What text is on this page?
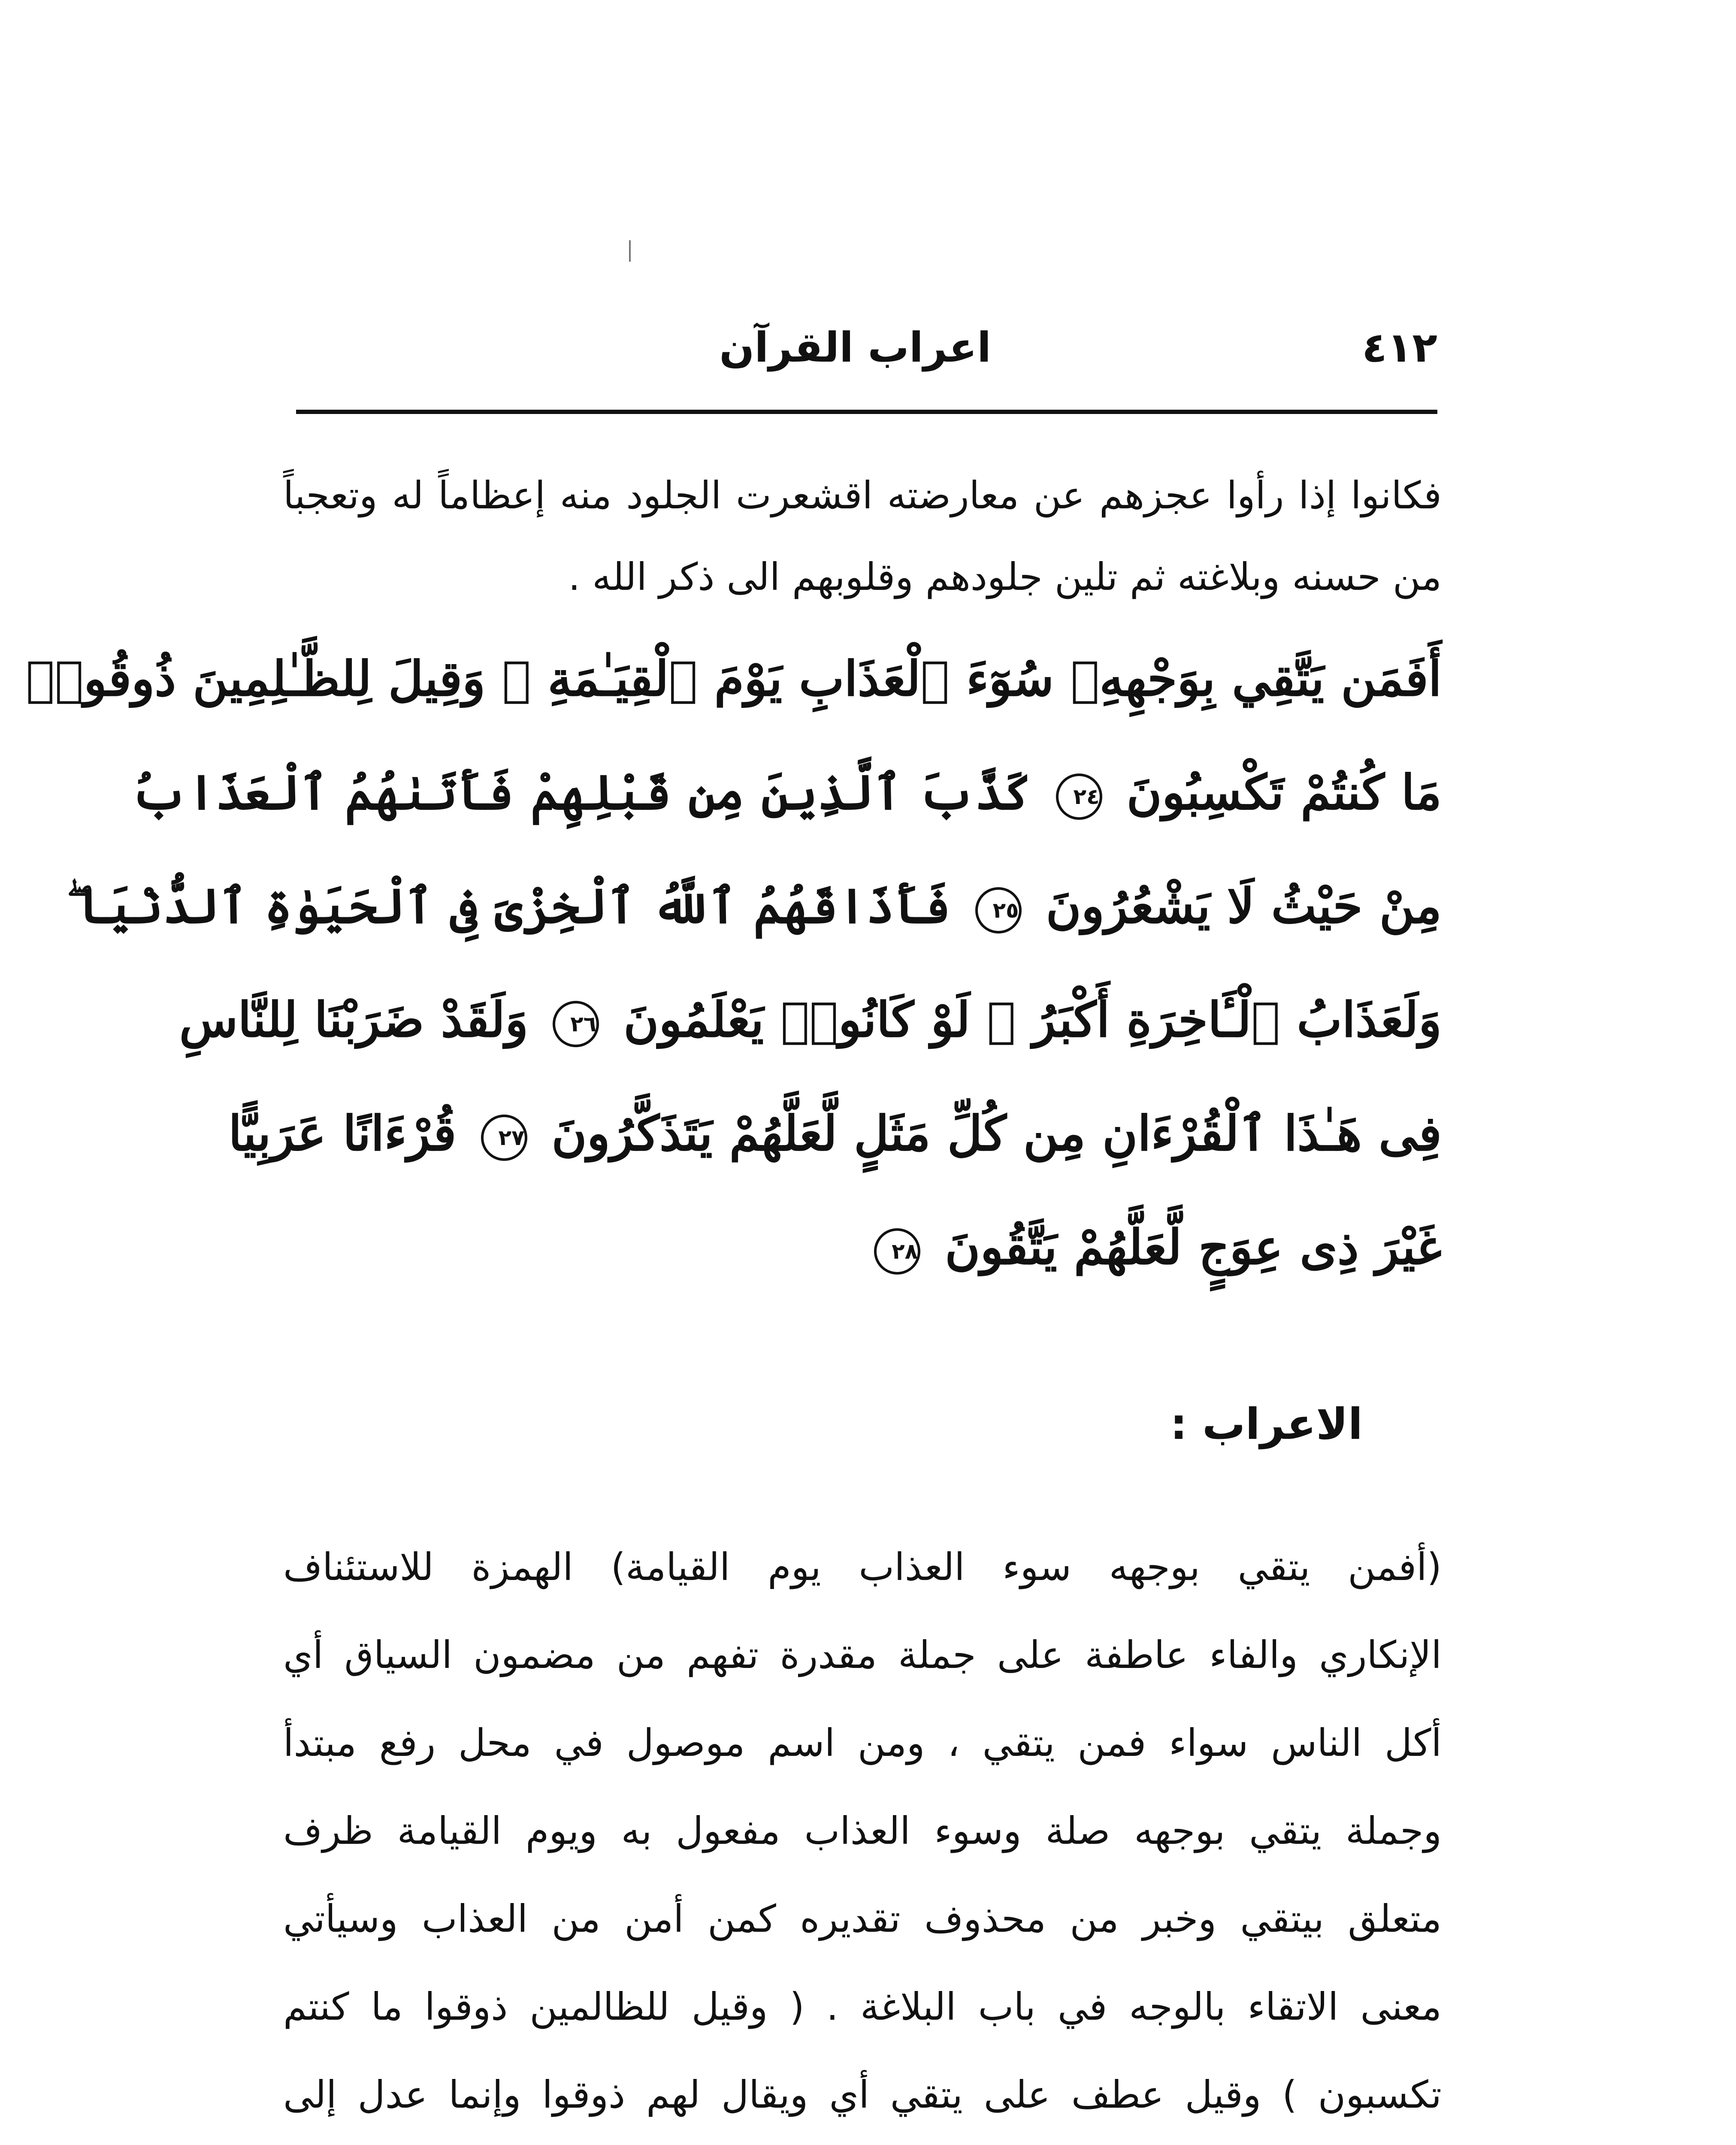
٤١٢
اعراب القرآن

فكانوا إذا رأوا عجزهم عن معارضته اقشعرت الجلود منه إعظاماً له وتعجباً من حسنه وبلاغته ثم تلين جلودهم وقلوبهم الى ذكر الله .

أَفَمَن يَتَّقِي بِوَجْهِهِۦ سُوٓءَ ٱلْعَذَابِ يَوْمَ ٱلْقِيَـٰمَةِ ۚ وَقِيلَ لِلظَّـٰلِمِينَ ذُوقُوا۟
مَا كُنتُمْ تَكْسِبُونَ ٢٤ كَذَّبَ ٱلَّذِينَ مِن قَبْلِهِمْ فَأَتَىٰهُمُ ٱلْعَذَابُ
مِنْ حَيْثُ لَا يَشْعُرُونَ ٢٥ فَأَذَاقَهُمُ ٱللَّهُ ٱلْخِزْىَ فِى ٱلْحَيَوٰةِ ٱلدُّنْيَا ۖ
وَلَعَذَابُ ٱلْـَٔاخِرَةِ أَكْبَرُ ۚ لَوْ كَانُوا۟ يَعْلَمُونَ ٢٦ وَلَقَدْ ضَرَبْنَا لِلنَّاسِ
فِى هَـٰذَا ٱلْقُرْءَانِ مِن كُلِّ مَثَلٍ لَّعَلَّهُمْ يَتَذَكَّرُونَ ٢٧ قُرْءَانًا عَرَبِيًّا
غَيْرَ ذِى عِوَجٍ لَّعَلَّهُمْ يَتَّقُونَ ٢٨
الاعراب :

(أفمن يتقي بوجهه سوء العذاب يوم القيامة) الهمزة للاستئناف

الإنكاري والفاء عاطفة على جملة مقدرة تفهم من مضمون السياق أي

أكل الناس سواء فمن يتقي ، ومن اسم موصول في محل رفع مبتدأ

وجملة يتقي بوجهه صلة وسوء العذاب مفعول به ويوم القيامة ظرف

متعلق بيتقي وخبر من محذوف تقديره كمن أمن من العذاب وسيأتي

معنى الاتقاء بالوجه في باب البلاغة . ( وقيل للظالمين ذوقوا ما كنتم

تكسبون ) وقيل عطف على يتقي أي ويقال لهم ذوقوا وإنما عدل إلى
